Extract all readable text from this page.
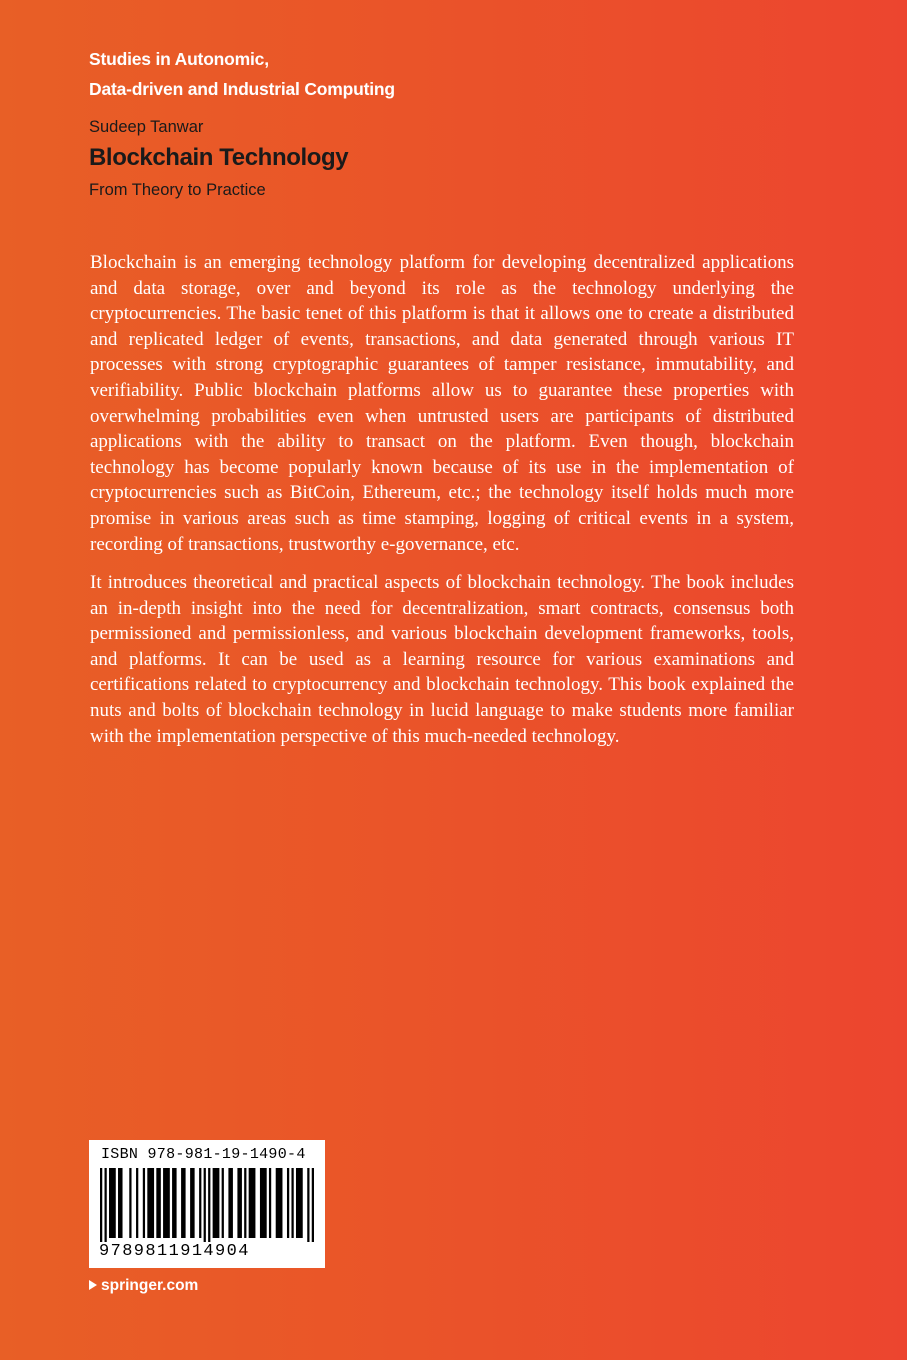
Studies in Autonomic,
Data-driven and Industrial Computing
Sudeep Tanwar
Blockchain Technology
From Theory to Practice

Blockchain is an emerging technology platform for developing decentralized applications and data storage, over and beyond its role as the technology underlying the cryptocurrencies. The basic tenet of this platform is that it allows one to create a distributed and replicated ledger of events, transactions, and data generated through various IT processes with strong cryptographic guarantees of tamper resistance, immutability, and verifiability. Public blockchain platforms allow us to guarantee these properties with overwhelming probabilities even when untrusted users are participants of distributed applications with the ability to transact on the platform. Even though, blockchain technology has become popularly known because of its use in the implementation of cryptocurrencies such as BitCoin, Ethereum, etc.; the technology itself holds much more promise in various areas such as time stamping, logging of critical events in a system, recording of transactions, trustworthy e-governance, etc.

It introduces theoretical and practical aspects of blockchain technology. The book includes an in-depth insight into the need for decentralization, smart contracts, consensus both permissioned and permissionless, and various blockchain development frameworks, tools, and platforms. It can be used as a learning resource for various examinations and certifications related to cryptocurrency and blockchain technology. This book explained the nuts and bolts of blockchain technology in lucid language to make students more familiar with the implementation perspective of this much-needed technology.

ISBN 978-981-19-1490-4
9789811914904
springer.com
